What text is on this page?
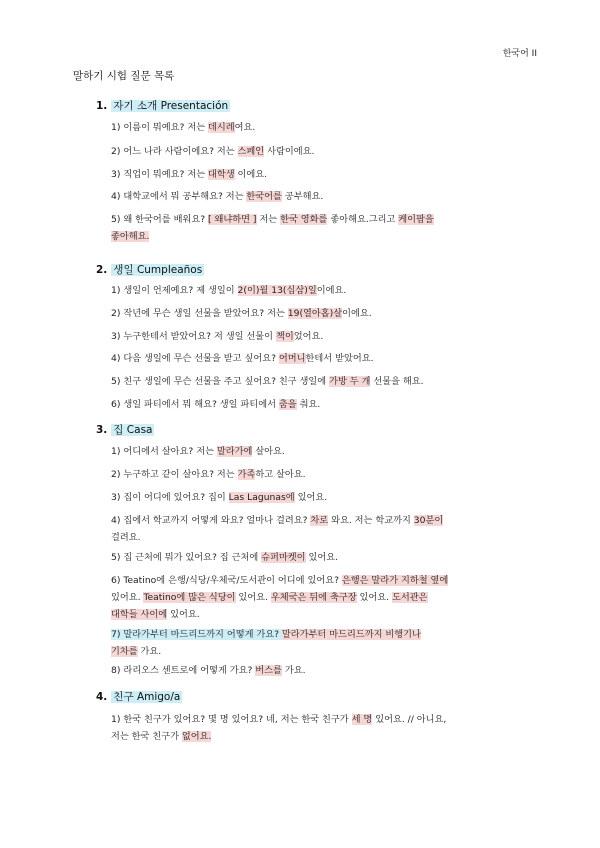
한국어 II
말하기 시험 질문 목록
1. 자기 소개 Presentación
1) 이름이 뭐예요? 저는 데시레여요.
2) 어느 나라 사람이에요? 저는 스페인 사람이에요.
3) 직업이 뭐예요? 저는 대학생 이에요.
4) 대학교에서 뭐 공부해요? 저는 한국어를 공부해요.
5) 왜 한국어를 배워요? [ 왜냐하면 ] 저는 한국 영화를 좋아해요.그리고 케이팝을
좋아해요.
2. 생일 Cumpleaños
1) 생일이 언제예요? 제 생일이 2(이)월 13(십삼)일이에요.
2) 작년에 무슨 생일 선물을 받았어요? 저는 19(열아홉)살이에요.
3) 누구한테서 받았어요? 저 생일 선물이 책이었어요.
4) 다음 생일에 무슨 선물을 받고 싶어요? 어머니한테서 받았어요.
5) 친구 생일에 무슨 선물을 주고 싶어요? 친구 생일에 가방 두 개 선물을 해요.
6) 생일 파티에서 뭐 해요? 생일 파티에서 춤을 춰요.
3. 집 Casa
1) 어디에서 살아요? 저는 말라가에 살아요.
2) 누구하고 같이 살아요? 저는 가족하고 살아요.
3) 집이 어디에 있어요? 집이 Las Lagunas에 있어요.
4) 집에서 학교까지 어떻게 와요? 얼마나 걸려요? 차로 와요. 저는 학교까지 30분이
걸려요.
5) 집 근처에 뭐가 있어요? 집 근처에 슈퍼마켓이 있어요.
6) Teatino에 은행/식당/우체국/도서관이 어디에 있어요? 은행은 말라가 지하철 옆에
있어요. Teatino에 많은 식당이 있어요. 우체국은 뒤에 축구장 있어요. 도서관은
대학들 사이에 있어요.
7) 말라가부터 마드리드까지 어떻게 가요? 말라가부터 마드리드까지 비행기나
기차를 가요.
8) 라리오스 센트로에 어떻게 가요? 버스를 가요.
4. 친구 Amigo/a
1) 한국 친구가 있어요? 몇 명 있어요? 네, 저는 한국 친구가 세 명 있어요. // 아니요,
저는 한국 친구가 없어요.
